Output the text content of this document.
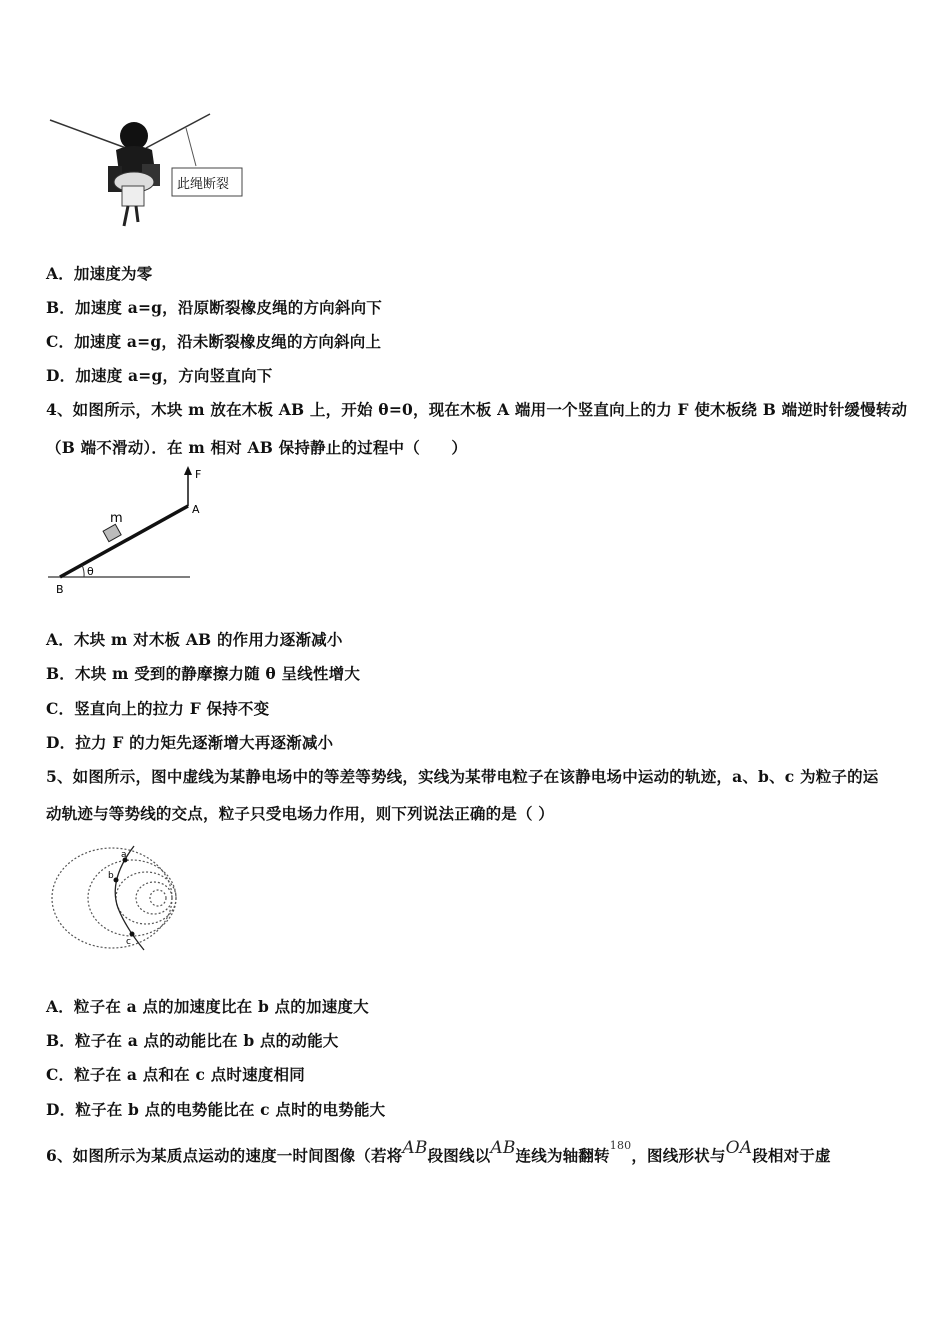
此绳断裂
A．加速度为零
B．加速度 a=g，沿原断裂橡皮绳的方向斜向下
C．加速度 a=g，沿未断裂橡皮绳的方向斜向上
D．加速度 a=g，方向竖直向下
4、如图所示，木块 m 放在木板 AB 上，开始 θ=0，现在木板 A 端用一个竖直向上的力 F 使木板绕 B 端逆时针缓慢转动
（B 端不滑动）．在 m 相对 AB 保持静止的过程中（　　）
F
A
m
θ
B
A．木块 m 对木板 AB 的作用力逐渐减小
B．木块 m 受到的静摩擦力随 θ 呈线性增大
C．竖直向上的拉力 F 保持不变
D．拉力 F 的力矩先逐渐增大再逐渐减小
5、如图所示，图中虚线为某静电场中的等差等势线，实线为某带电粒子在该静电场中运动的轨迹，a、b、c 为粒子的运
动轨迹与等势线的交点，粒子只受电场力作用，则下列说法正确的是（ ）
a
b
c
A．粒子在 a 点的加速度比在 b 点的加速度大
B．粒子在 a 点的动能比在 b 点的动能大
C．粒子在 a 点和在 c 点时速度相同
D．粒子在 b 点的电势能比在 c 点时的电势能大
6、如图所示为某质点运动的速度一时间图像（若将AB段图线以AB连线为轴翻转$^{180}$，图线形状与OA段相对于虚
